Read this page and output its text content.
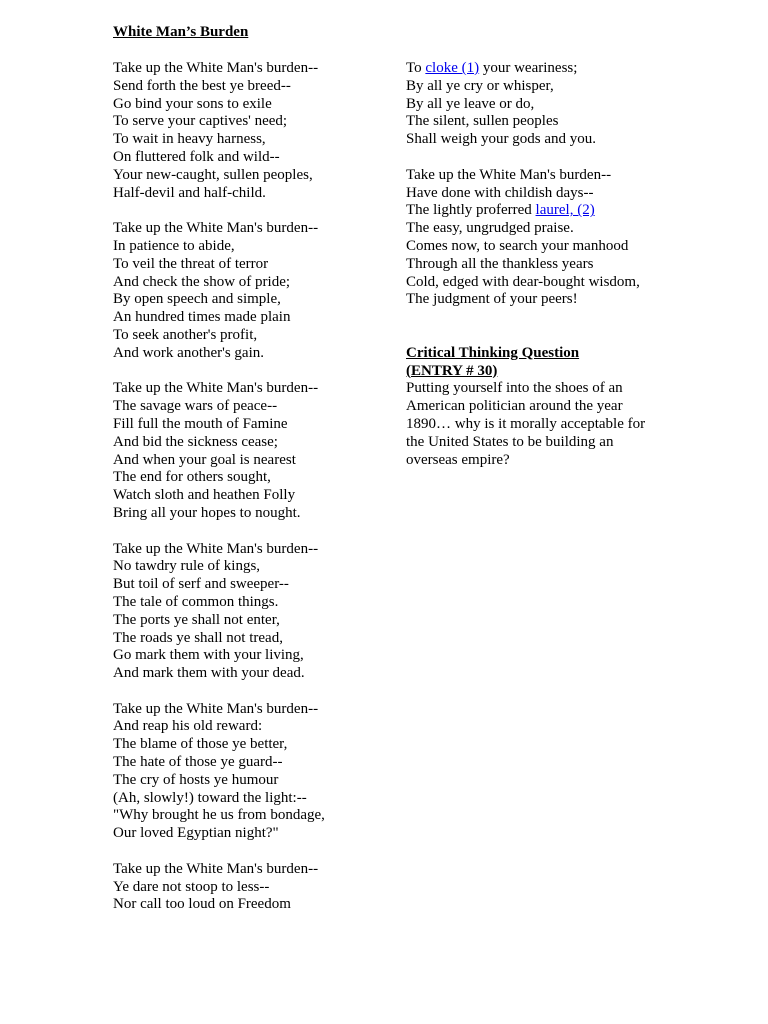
White Man’s Burden
Take up the White Man's burden--
Send forth the best ye breed--
Go bind your sons to exile
To serve your captives' need;
To wait in heavy harness,
On fluttered folk and wild--
Your new-caught, sullen peoples,
Half-devil and half-child.
Take up the White Man's burden--
In patience to abide,
To veil the threat of terror
And check the show of pride;
By open speech and simple,
An hundred times made plain
To seek another's profit,
And work another's gain.
Take up the White Man's burden--
The savage wars of peace--
Fill full the mouth of Famine
And bid the sickness cease;
And when your goal is nearest
The end for others sought,
Watch sloth and heathen Folly
Bring all your hopes to nought.
Take up the White Man's burden--
No tawdry rule of kings,
But toil of serf and sweeper--
The tale of common things.
The ports ye shall not enter,
The roads ye shall not tread,
Go mark them with your living,
And mark them with your dead.
Take up the White Man's burden--
And reap his old reward:
The blame of those ye better,
The hate of those ye guard--
The cry of hosts ye humour
(Ah, slowly!) toward the light:--
"Why brought he us from bondage,
Our loved Egyptian night?"
Take up the White Man's burden--
Ye dare not stoop to less--
Nor call too loud on Freedom
To cloke (1) your weariness;
By all ye cry or whisper,
By all ye leave or do,
The silent, sullen peoples
Shall weigh your gods and you.
Take up the White Man's burden--
Have done with childish days--
The lightly proferred laurel, (2)
The easy, ungrudged praise.
Comes now, to search your manhood
Through all the thankless years
Cold, edged with dear-bought wisdom,
The judgment of your peers!
Critical Thinking Question
(ENTRY # 30)
Putting yourself into the shoes of an American politician around the year 1890… why is it morally acceptable for the United States to be building an overseas empire?
